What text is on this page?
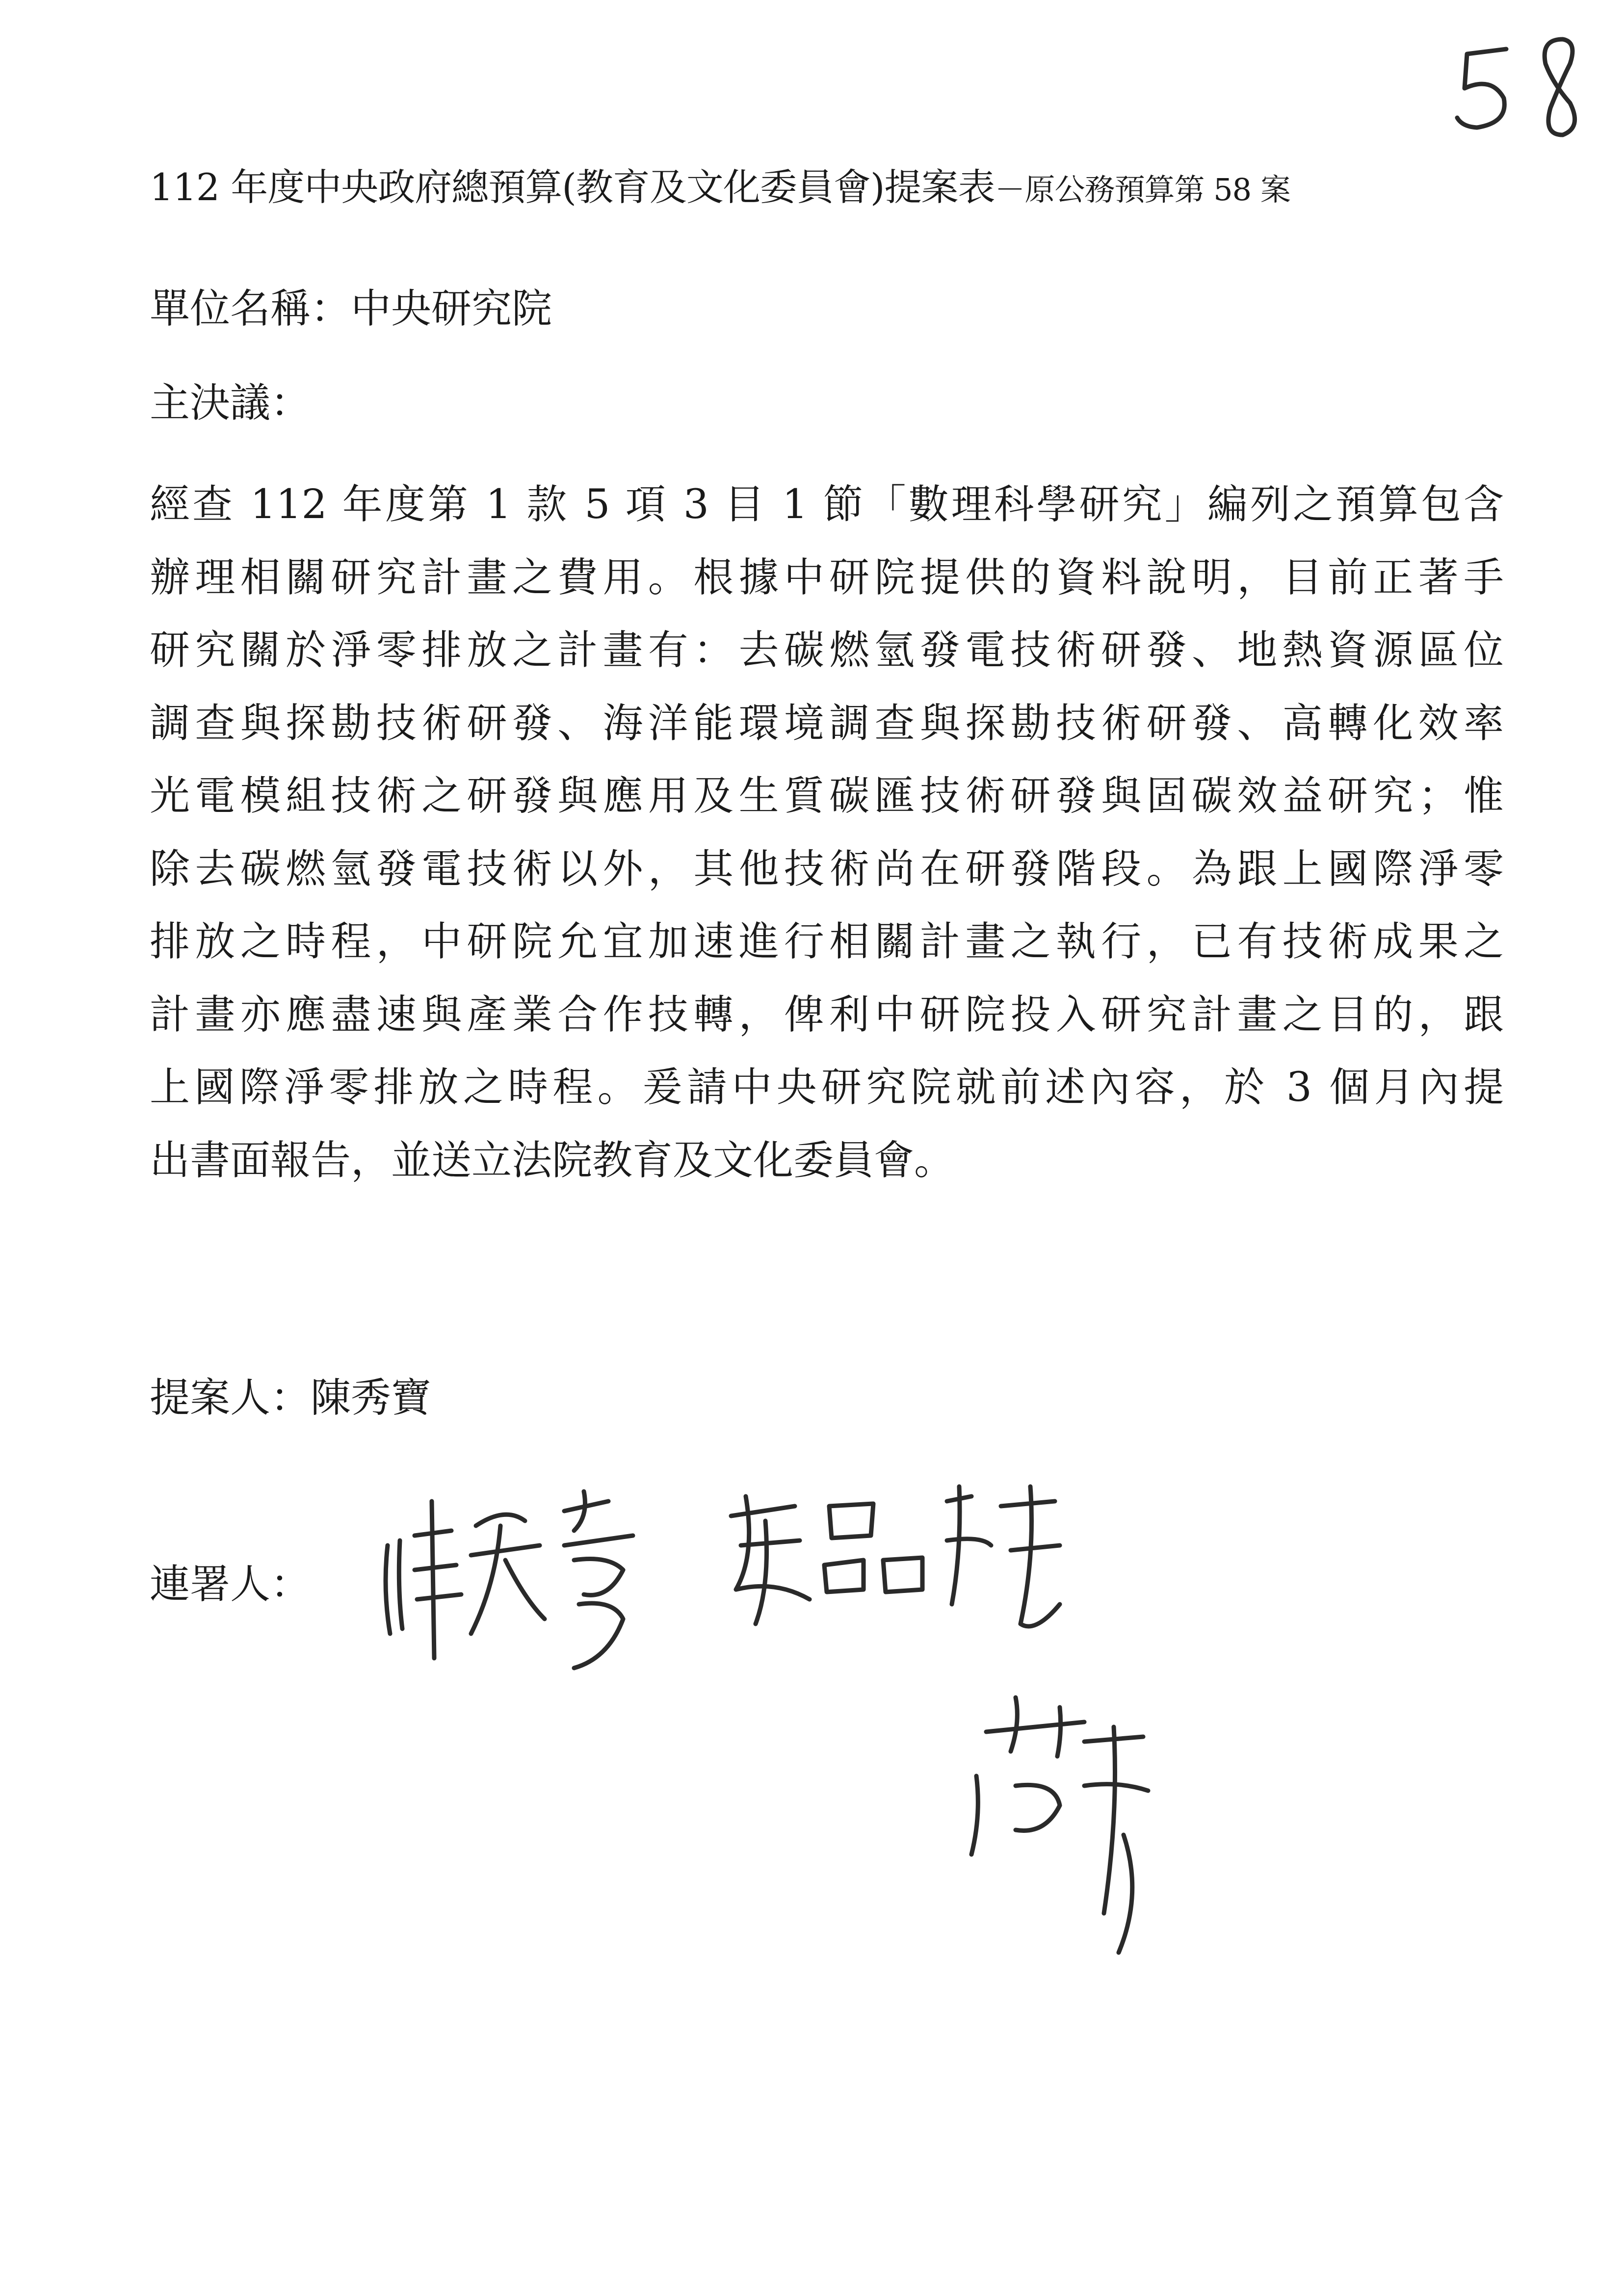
112 年度中央政府總預算(教育及文化委員會)提案表－原公務預算第 58 案
單位名稱：中央研究院
主決議：
經查 112 年度第 1 款 5 項 3 目 1 節「數理科學研究」編列之預算包含
辦理相關研究計畫之費用。根據中研院提供的資料說明，目前正著手
研究關於淨零排放之計畫有：去碳燃氫發電技術研發、地熱資源區位
調查與探勘技術研發、海洋能環境調查與探勘技術研發、高轉化效率
光電模組技術之研發與應用及生質碳匯技術研發與固碳效益研究；惟
除去碳燃氫發電技術以外，其他技術尚在研發階段。為跟上國際淨零
排放之時程，中研院允宜加速進行相關計畫之執行，已有技術成果之
計畫亦應盡速與產業合作技轉，俾利中研院投入研究計畫之目的，跟
上國際淨零排放之時程。爰請中央研究院就前述內容，於 3 個月內提
出書面報告，並送立法院教育及文化委員會。
提案人：陳秀寶
連署人：
